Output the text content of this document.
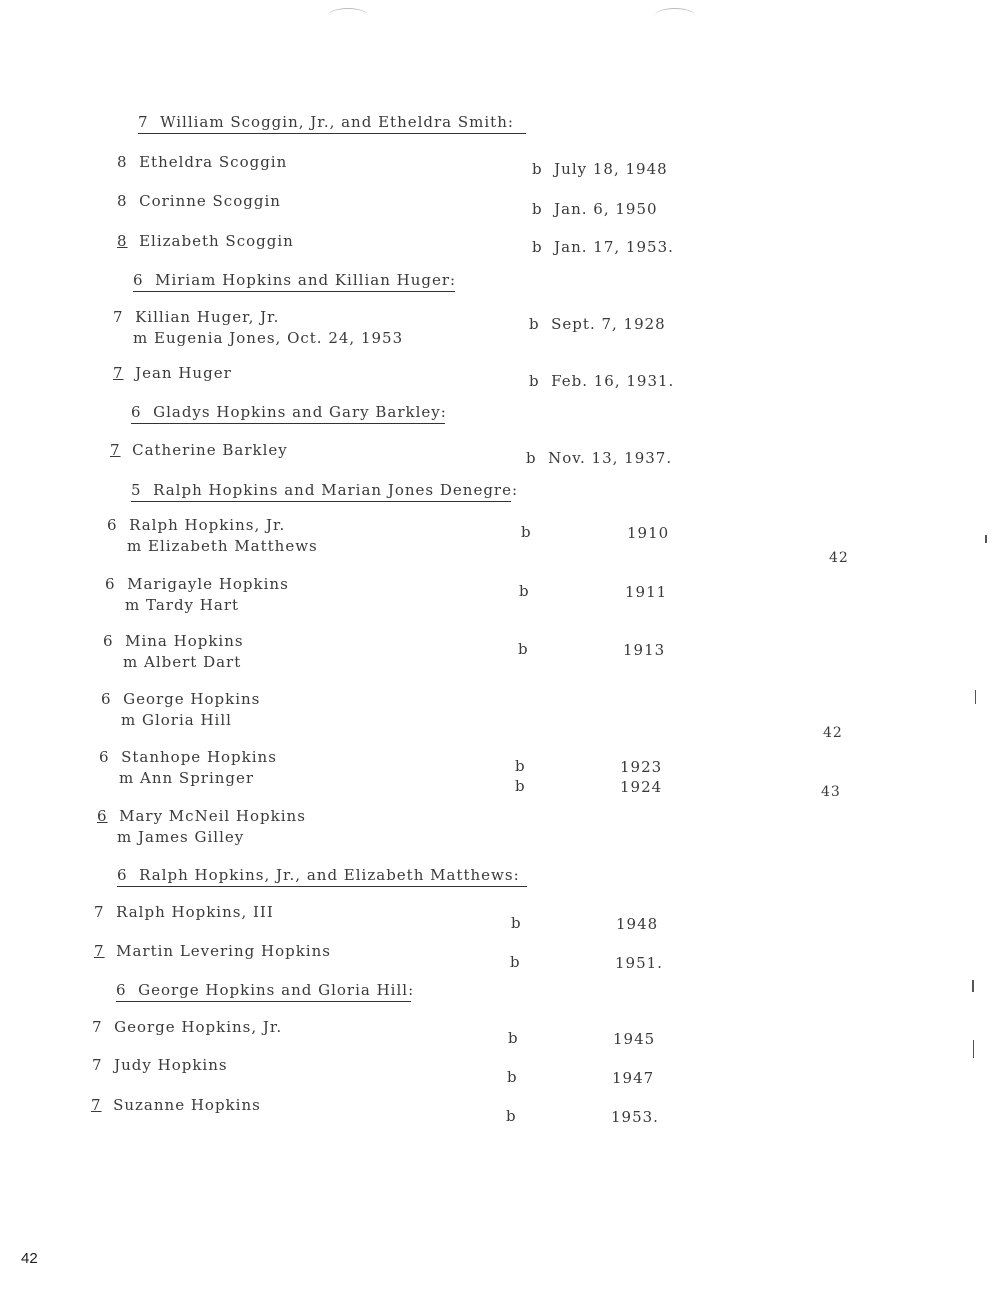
7 William Scoggin, Jr., and Etheldra Smith:
8 Etheldra Scoggin	b July 18, 1948
8 Corinne Scoggin	b Jan. 6, 1950
8 Elizabeth Scoggin	b Jan. 17, 1953.
6 Miriam Hopkins and Killian Huger:
7 Killian Huger, Jr.
m Eugenia Jones, Oct. 24, 1953
b Sept. 7, 1928
7 Jean Huger	b Feb. 16, 1931.
6 Gladys Hopkins and Gary Barkley:
7 Catherine Barkley	b Nov. 13, 1937.
5 Ralph Hopkins and Marian Jones Denegre:
6 Ralph Hopkins, Jr.
m Elizabeth Matthews
b	1910
6 Marigayle Hopkins
m Tardy Hart
b	1911
6 Mina Hopkins
m Albert Dart
b	1913
6 George Hopkins
m Gloria Hill
6 Stanhope Hopkins
m Ann Springer
b	1923
b	1924
6 Mary McNeil Hopkins
m James Gilley
6 Ralph Hopkins, Jr., and Elizabeth Matthews:
7 Ralph Hopkins, III
b	1948
7 Martin Levering Hopkins
b	1951.
6 George Hopkins and Gloria Hill:
7 George Hopkins, Jr.
b	1945
7 Judy Hopkins
b	1947
7 Suzanne Hopkins
b	1953.
42
42
43
42
